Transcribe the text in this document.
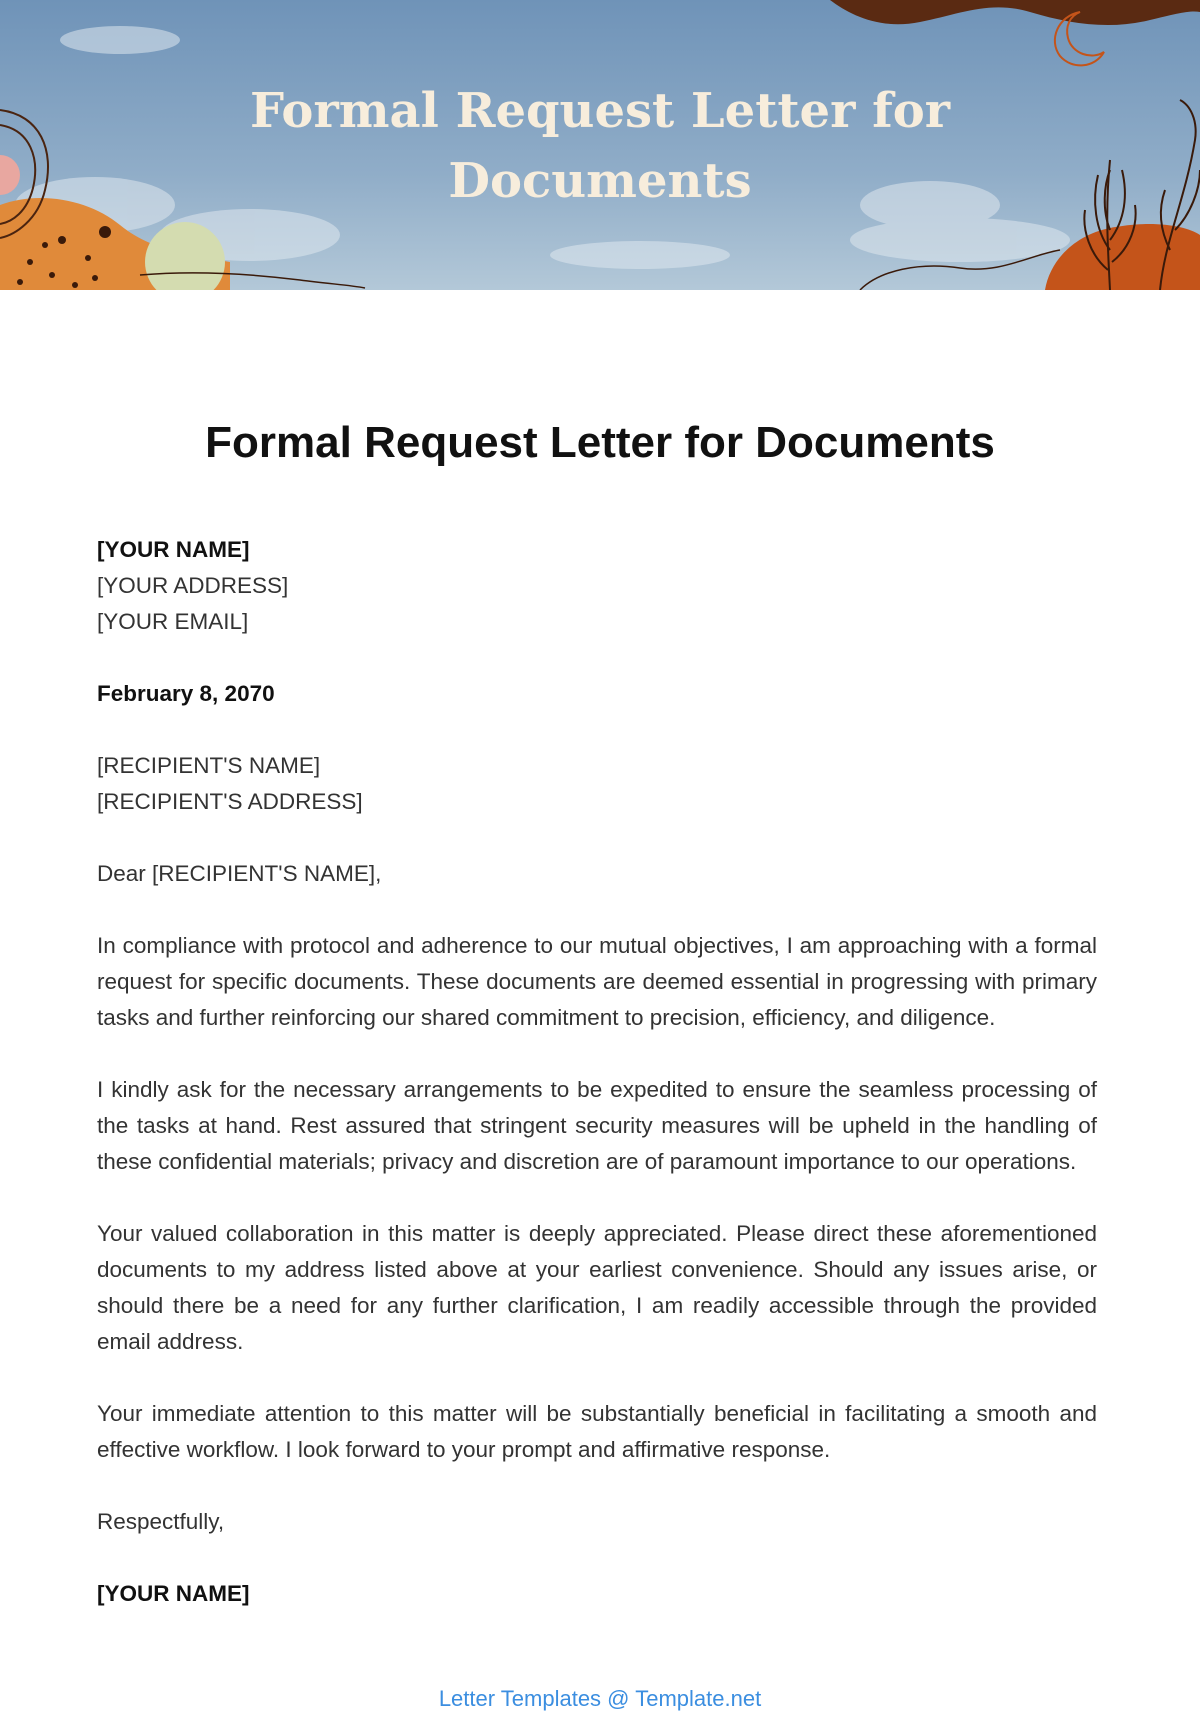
Formal Request Letter for
Documents
Formal Request Letter for Documents

[YOUR NAME]

[YOUR ADDRESS]

[YOUR EMAIL]

February 8, 2070

[RECIPIENT'S NAME]

[RECIPIENT'S ADDRESS]

Dear [RECIPIENT'S NAME],

In compliance with protocol and adherence to our mutual objectives, I am approaching with a formal request for specific documents. These documents are deemed essential in progressing with primary tasks and further reinforcing our shared commitment to precision, efficiency, and diligence.

I kindly ask for the necessary arrangements to be expedited to ensure the seamless processing of the tasks at hand. Rest assured that stringent security measures will be upheld in the handling of these confidential materials; privacy and discretion are of paramount importance to our operations.

Your valued collaboration in this matter is deeply appreciated. Please direct these aforementioned documents to my address listed above at your earliest convenience. Should any issues arise, or should there be a need for any further clarification, I am readily accessible through the provided email address.

Your immediate attention to this matter will be substantially beneficial in facilitating a smooth and effective workflow. I look forward to your prompt and affirmative response.

Respectfully,

[YOUR NAME]

Letter Templates @ Template.net
